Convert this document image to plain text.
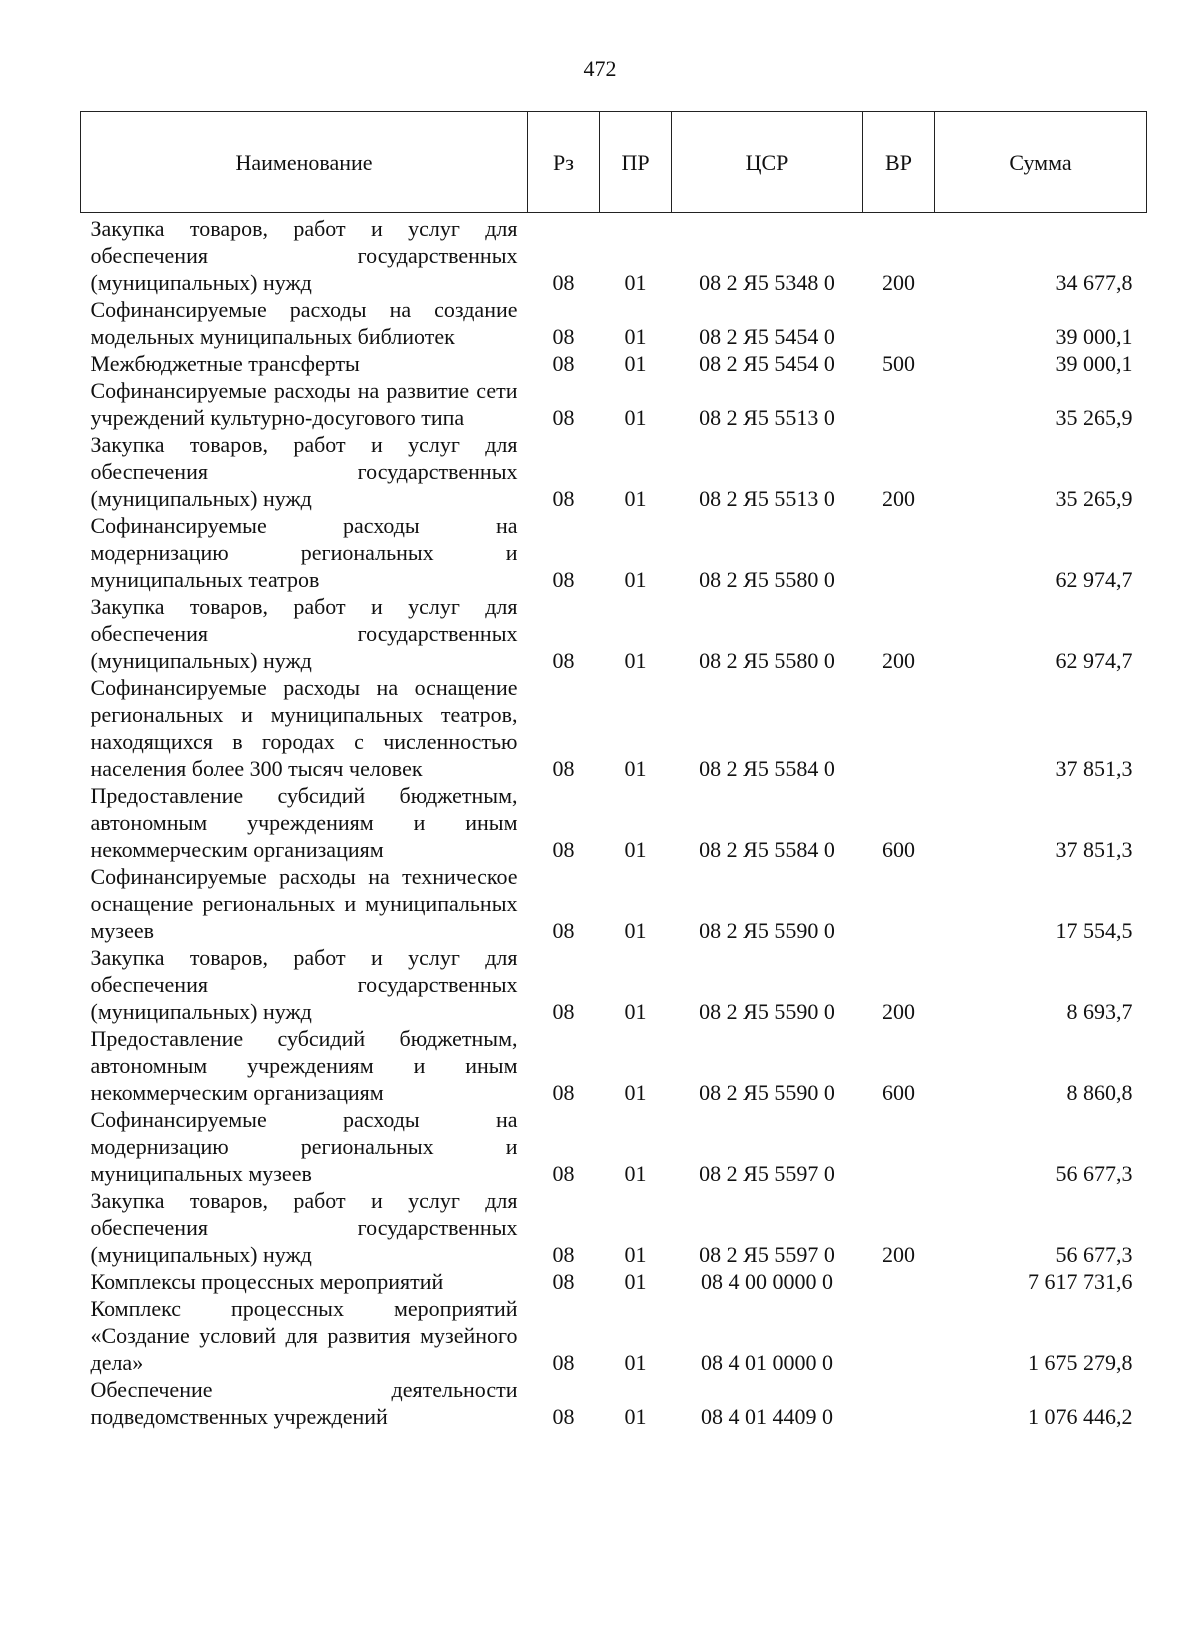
472
Наименование	Рз	ПР	ЦСР	ВР	Сумма
Закупка товаров, работ и услуг для обеспечения государственных (муниципальных) нужд	08	01	08 2 Я5 5348 0	200	34 677,8
Софинансируемые расходы на создание модельных муниципальных библиотек	08	01	08 2 Я5 5454 0		39 000,1
Межбюджетные трансферты	08	01	08 2 Я5 5454 0	500	39 000,1
Софинансируемые расходы на развитие сети учреждений культурно-досугового типа	08	01	08 2 Я5 5513 0		35 265,9
Закупка товаров, работ и услуг для обеспечения государственных (муниципальных) нужд	08	01	08 2 Я5 5513 0	200	35 265,9
Софинансируемые расходы на модернизацию региональных и муниципальных театров	08	01	08 2 Я5 5580 0		62 974,7
Закупка товаров, работ и услуг для обеспечения государственных (муниципальных) нужд	08	01	08 2 Я5 5580 0	200	62 974,7
Софинансируемые расходы на оснащение региональных и муниципальных театров, находящихся в городах с численностью населения более 300 тысяч человек	08	01	08 2 Я5 5584 0		37 851,3
Предоставление субсидий бюджетным, автономным учреждениям и иным некоммерческим организациям	08	01	08 2 Я5 5584 0	600	37 851,3
Софинансируемые расходы на техническое оснащение региональных и муниципальных музеев	08	01	08 2 Я5 5590 0		17 554,5
Закупка товаров, работ и услуг для обеспечения государственных (муниципальных) нужд	08	01	08 2 Я5 5590 0	200	8 693,7
Предоставление субсидий бюджетным, автономным учреждениям и иным некоммерческим организациям	08	01	08 2 Я5 5590 0	600	8 860,8
Софинансируемые расходы на модернизацию региональных и муниципальных музеев	08	01	08 2 Я5 5597 0		56 677,3
Закупка товаров, работ и услуг для обеспечения государственных (муниципальных) нужд	08	01	08 2 Я5 5597 0	200	56 677,3
Комплексы процессных мероприятий	08	01	08 4 00 0000 0		7 617 731,6
Комплекс процессных мероприятий «Создание условий для развития музейного дела»	08	01	08 4 01 0000 0		1 675 279,8
Обеспечение деятельности подведомственных учреждений	08	01	08 4 01 4409 0		1 076 446,2
